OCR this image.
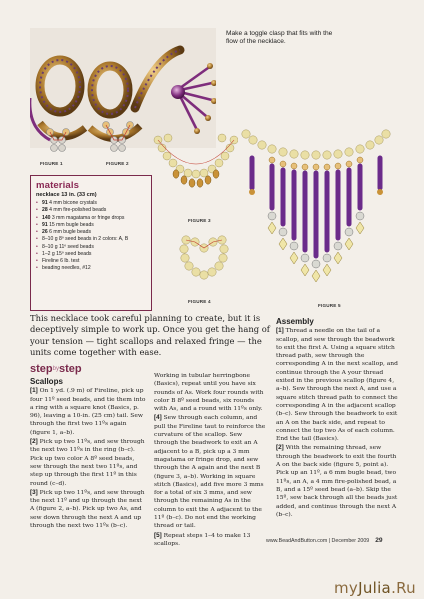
Make a toggle clasp that fits with the flow of the necklace.
FIGURE 1	FIGURE 2
FIGURE 3
FIGURE 4
FIGURE 5
materials
necklace 13 in. (33 cm)
• 91 4 mm bicone crystals
• 28 4 mm fire-polished beads
• 140 3 mm magatama or fringe drops
• 91 15 mm bugle beads
• 26 6 mm bugle beads
• 8–10 g 8º seed beads in 2 colors: A, B
• 8–10 g 11º seed beads
• 1–2 g 15º seed beads
• Fireline 6 lb. test
• beading needles, #12
This necklace took careful planning to create, but it is deceptively simple to work up. Once you get the hang of your tension — tight scallops and relaxed fringe — the units come together with ease.
stepbystep
Scallops

[1] On 1 yd. (.9 m) of Fireline, pick up four 11º seed beads, and tie them into a ring with a square knot (Basics, p. 96), leaving a 10-in. (25 cm) tail. Sew through the first two 11ºs again (figure 1, a–b).

[2] Pick up two 11ºs, and sew through the next two 11ºs in the ring (b–c). Pick up two color A 8º seed beads, sew through the next two 11ºs, and step up through the first 11º in this round (c–d).

[3] Pick up two 11ºs, and sew through the next 11º and up through the next A (figure 2, a–b). Pick up two As, and sew down through the next A and up through the next two 11ºs (b–c).

Working in tubular herringbone (Basics), repeat until you have six rounds of As. Work four rounds with color B 8º seed beads, six rounds with As, and a round with 11ºs only.

[4] Sew through each column, and pull the Fireline taut to reinforce the curvature of the scallop. Sew through the beadwork to exit an A adjacent to a B, pick up a 3 mm magatama or fringe drop, and sew through the A again and the next B (figure 3, a–b). Working in square stitch (Basics), add five more 3 mms for a total of six 3 mms, and sew through the remaining As in the column to exit the A adjacent to the 11º (b–c). Do not end the working thread or tail.

[5] Repeat steps 1–4 to make 13 scallops.

Assembly

[1] Thread a needle on the tail of a scallop, and sew through the beadwork to exit the first A. Using a square stitch thread path, sew through the corresponding A in the next scallop, and continue through the A your thread exited in the previous scallop (figure 4, a–b). Sew through the next A, and use a square stitch thread path to connect the corresponding A in the adjacent scallop (b–c). Sew through the beadwork to exit an A on the back side, and repeat to connect the top two As of each column. End the tail (Basics).

[2] With the remaining thread, sew through the beadwork to exit the fourth A on the back side (figure 5, point a). Pick up an 11º, a 6 mm bugle bead, two 11ºs, an A, a 4 mm fire-polished bead, a B, and a 15º seed bead (a–b). Skip the 15º, sew back through all the beads just added, and continue through the next A (b–c).

www.BeadAndButton.com | December 2009 29
myJulia.Ru
